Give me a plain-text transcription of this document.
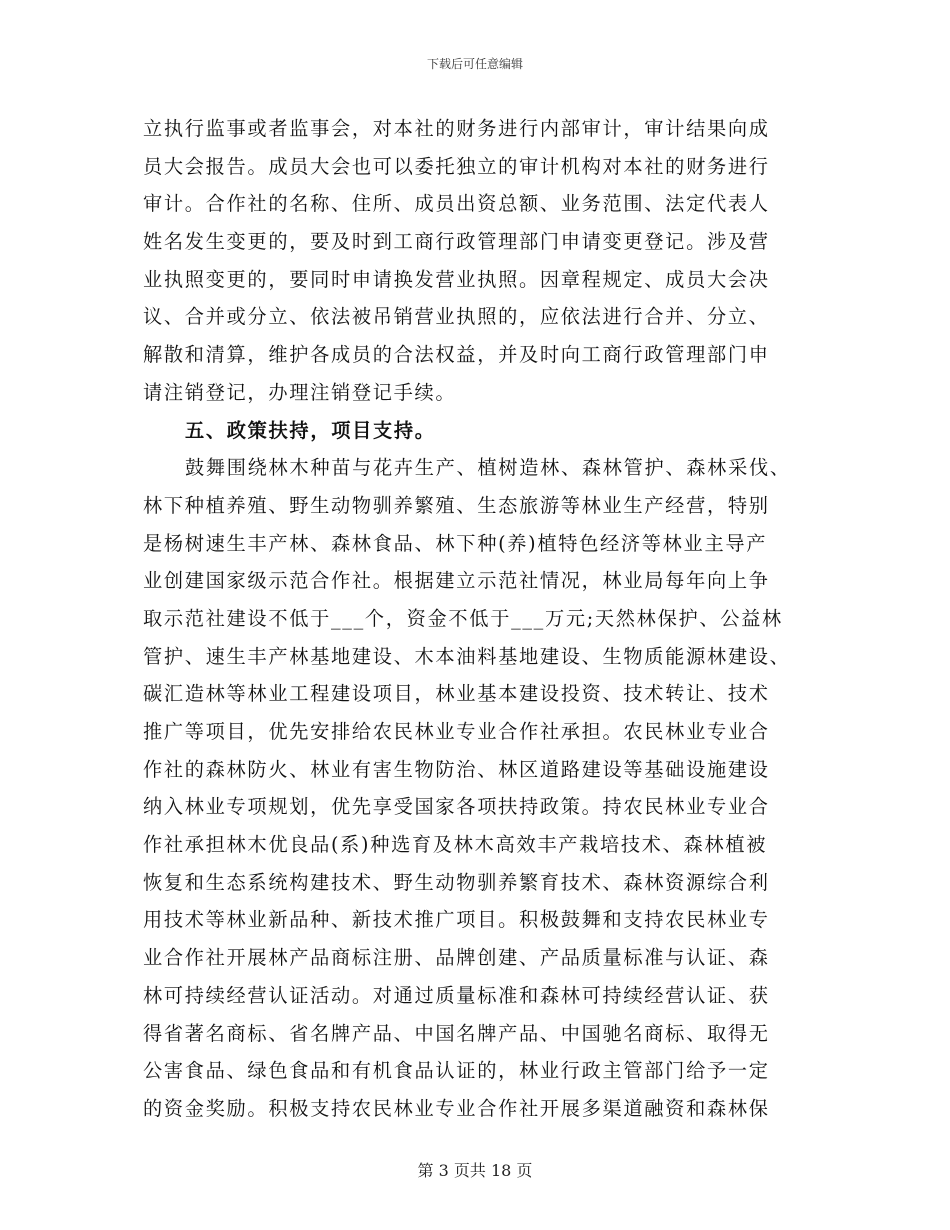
下载后可任意编辑
立执行监事或者监事会，对本社的财务进行内部审计，审计结果向成
员大会报告。成员大会也可以委托独立的审计机构对本社的财务进行
审计。合作社的名称、住所、成员出资总额、业务范围、法定代表人
姓名发生变更的，要及时到工商行政管理部门申请变更登记。涉及营
业执照变更的，要同时申请换发营业执照。因章程规定、成员大会决
议、合并或分立、依法被吊销营业执照的，应依法进行合并、分立、
解散和清算，维护各成员的合法权益，并及时向工商行政管理部门申
请注销登记，办理注销登记手续。
五、政策扶持，项目支持。
鼓舞围绕林木种苗与花卉生产、植树造林、森林管护、森林采伐、
林下种植养殖、野生动物驯养繁殖、生态旅游等林业生产经营，特别
是杨树速生丰产林、森林食品、林下种(养)植特色经济等林业主导产
业创建国家级示范合作社。根据建立示范社情况，林业局每年向上争
取示范社建设不低于___个，资金不低于___万元;天然林保护、公益林
管护、速生丰产林基地建设、木本油料基地建设、生物质能源林建设、
碳汇造林等林业工程建设项目，林业基本建设投资、技术转让、技术
推广等项目，优先安排给农民林业专业合作社承担。农民林业专业合
作社的森林防火、林业有害生物防治、林区道路建设等基础设施建设
纳入林业专项规划，优先享受国家各项扶持政策。持农民林业专业合
作社承担林木优良品(系)种选育及林木高效丰产栽培技术、森林植被
恢复和生态系统构建技术、野生动物驯养繁育技术、森林资源综合利
用技术等林业新品种、新技术推广项目。积极鼓舞和支持农民林业专
业合作社开展林产品商标注册、品牌创建、产品质量标准与认证、森
林可持续经营认证活动。对通过质量标准和森林可持续经营认证、获
得省著名商标、省名牌产品、中国名牌产品、中国驰名商标、取得无
公害食品、绿色食品和有机食品认证的，林业行政主管部门给予一定
的资金奖励。积极支持农民林业专业合作社开展多渠道融资和森林保
第 3 页共 18 页
